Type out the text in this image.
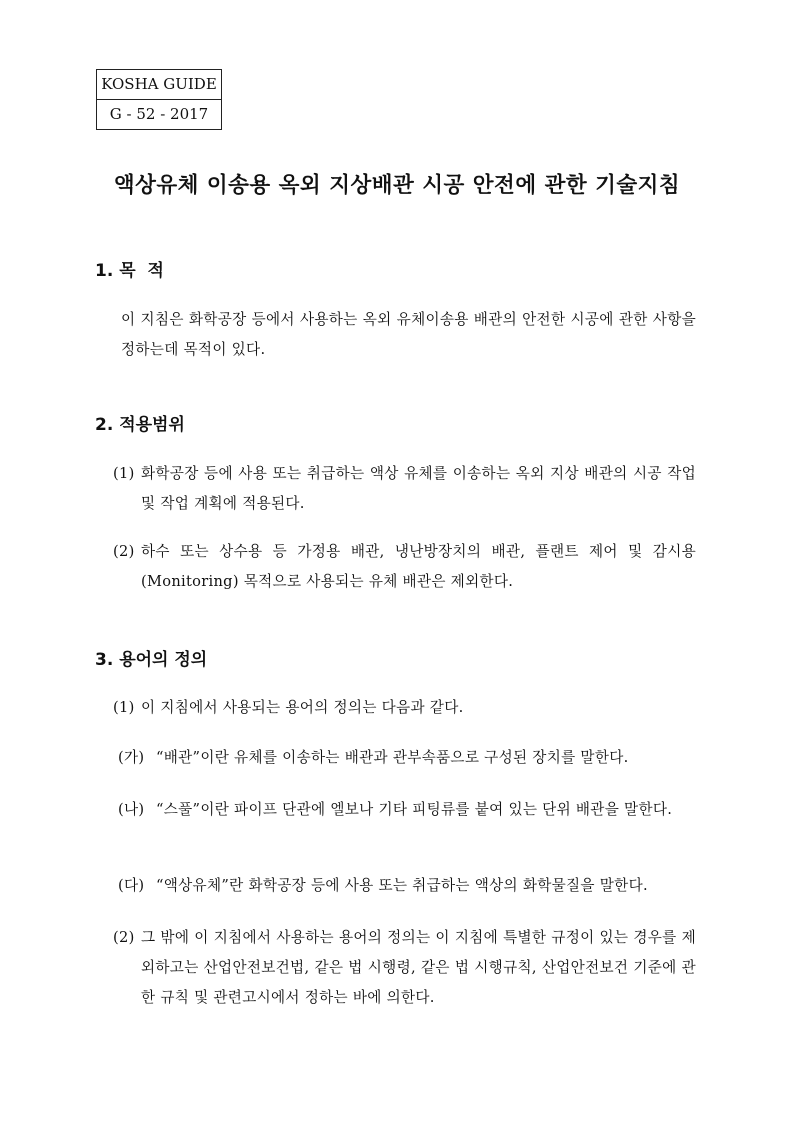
KOSHA GUIDE
G - 52 - 2017
액상유체 이송용 옥외 지상배관 시공 안전에 관한 기술지침
1. 목  적
이 지침은 화학공장 등에서 사용하는 옥외 유체이송용 배관의 안전한 시공에 관한 사항을 정하는데 목적이 있다.
2. 적용범위
(1) 화학공장 등에 사용 또는 취급하는 액상 유체를 이송하는 옥외 지상 배관의 시공 작업 및 작업 계획에 적용된다.
(2) 하수 또는 상수용 등 가정용 배관, 냉난방장치의 배관, 플랜트 제어 및 감시용(Monitoring) 목적으로 사용되는 유체 배관은 제외한다.
3. 용어의 정의
(1) 이 지침에서 사용되는 용어의 정의는 다음과 같다.
(가) “배관”이란 유체를 이송하는 배관과 관부속품으로 구성된 장치를 말한다.
(나) “스풀”이란 파이프 단관에 엘보나 기타 피팅류를 붙여 있는 단위 배관을 말한다.
(다) “액상유체”란 화학공장 등에 사용 또는 취급하는 액상의 화학물질을 말한다.
(2) 그 밖에 이 지침에서 사용하는 용어의 정의는 이 지침에 특별한 규정이 있는 경우를 제외하고는 산업안전보건법, 같은 법 시행령, 같은 법 시행규칙, 산업안전보건 기준에 관한 규칙 및 관련고시에서 정하는 바에 의한다.
